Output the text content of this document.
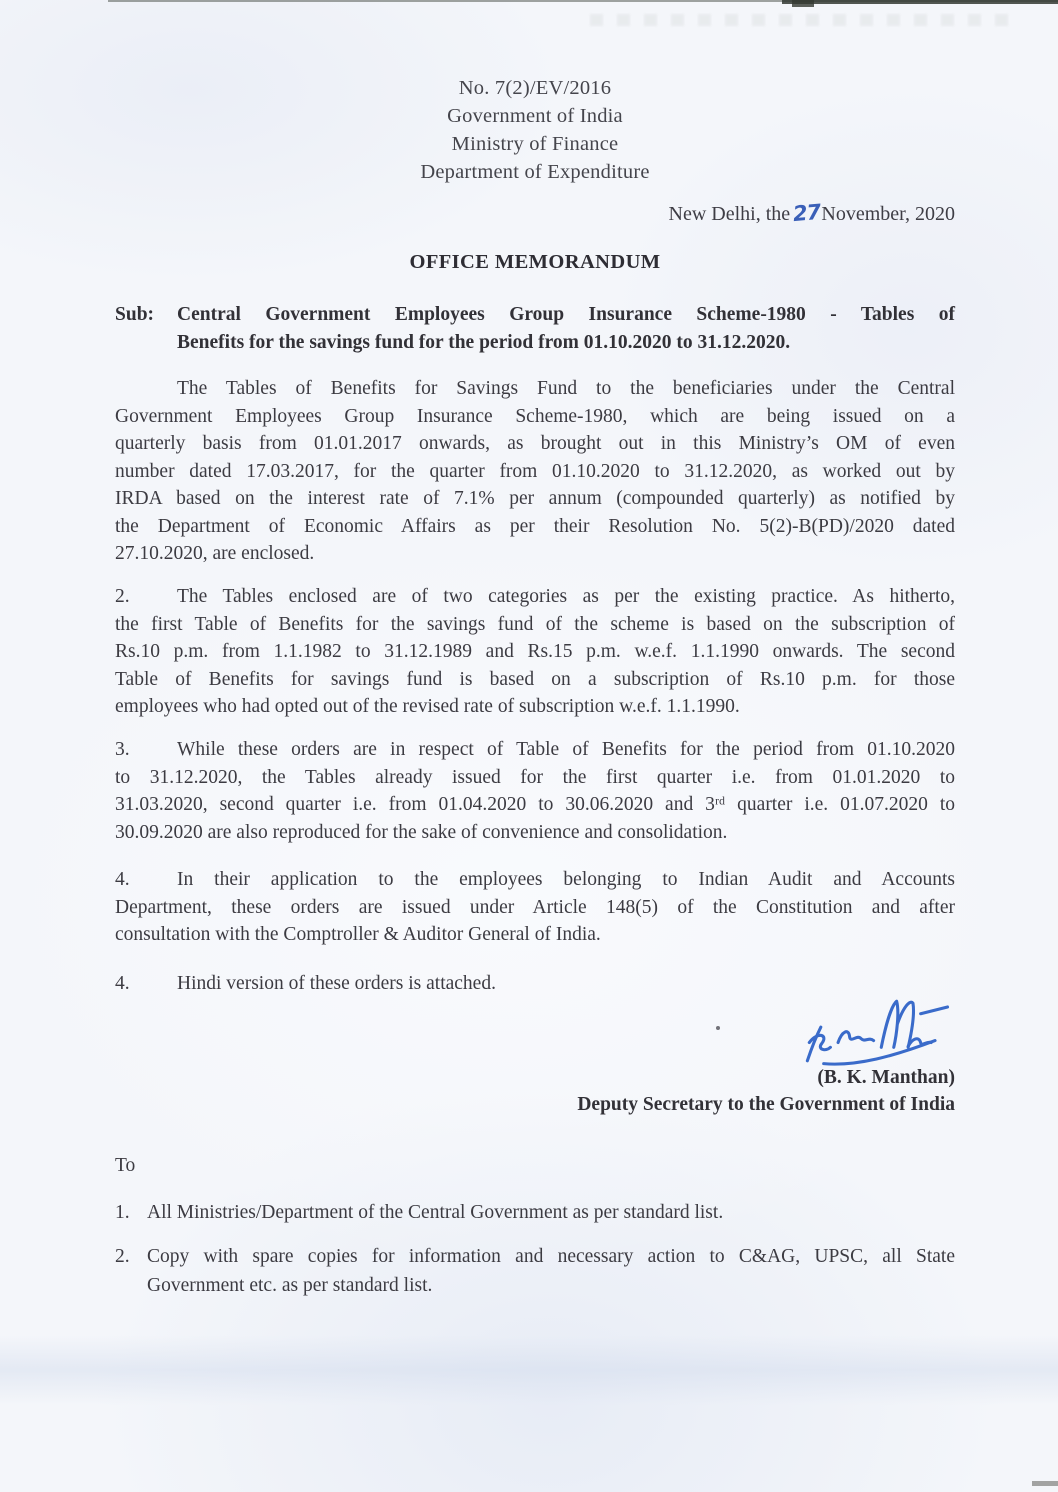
No. 7(2)/EV/2016
Government of India
Ministry of Finance
Department of Expenditure
New Delhi, the27November, 2020
OFFICE MEMORANDUM
Sub:	Central Government Employees Group Insurance Scheme-1980 - Tables of
Benefits for the savings fund for the period from 01.10.2020 to 31.12.2020.
The Tables of Benefits for Savings Fund to the beneficiaries under the Central
Government Employees Group Insurance Scheme-1980, which are being issued on a
quarterly basis from 01.01.2017 onwards, as brought out in this Ministry’s OM of even
number dated 17.03.2017, for the quarter from 01.10.2020 to 31.12.2020, as worked out by
IRDA based on the interest rate of 7.1% per annum (compounded quarterly) as notified by
the Department of Economic Affairs as per their Resolution No. 5(2)-B(PD)/2020 dated
27.10.2020, are enclosed.
2. The Tables enclosed are of two categories as per the existing practice. As hitherto,
the first Table of Benefits for the savings fund of the scheme is based on the subscription of
Rs.10 p.m. from 1.1.1982 to 31.12.1989 and Rs.15 p.m. w.e.f. 1.1.1990 onwards. The second
Table of Benefits for savings fund is based on a subscription of Rs.10 p.m. for those
employees who had opted out of the revised rate of subscription w.e.f. 1.1.1990.
3. While these orders are in respect of Table of Benefits for the period from 01.10.2020
to 31.12.2020, the Tables already issued for the first quarter i.e. from 01.01.2020 to
31.03.2020, second quarter i.e. from 01.04.2020 to 30.06.2020 and 3ʳᵈ quarter i.e. 01.07.2020 to
30.09.2020 are also reproduced for the sake of convenience and consolidation.
4. In their application to the employees belonging to Indian Audit and Accounts
Department, these orders are issued under Article 148(5) of the Constitution and after
consultation with the Comptroller & Auditor General of India.
4.	Hindi version of these orders is attached.
(B. K. Manthan)
Deputy Secretary to the Government of India
To
1. All Ministries/Department of the Central Government as per standard list.
2. Copy with spare copies for information and necessary action to C&AG, UPSC, all State
Government etc. as per standard list.
